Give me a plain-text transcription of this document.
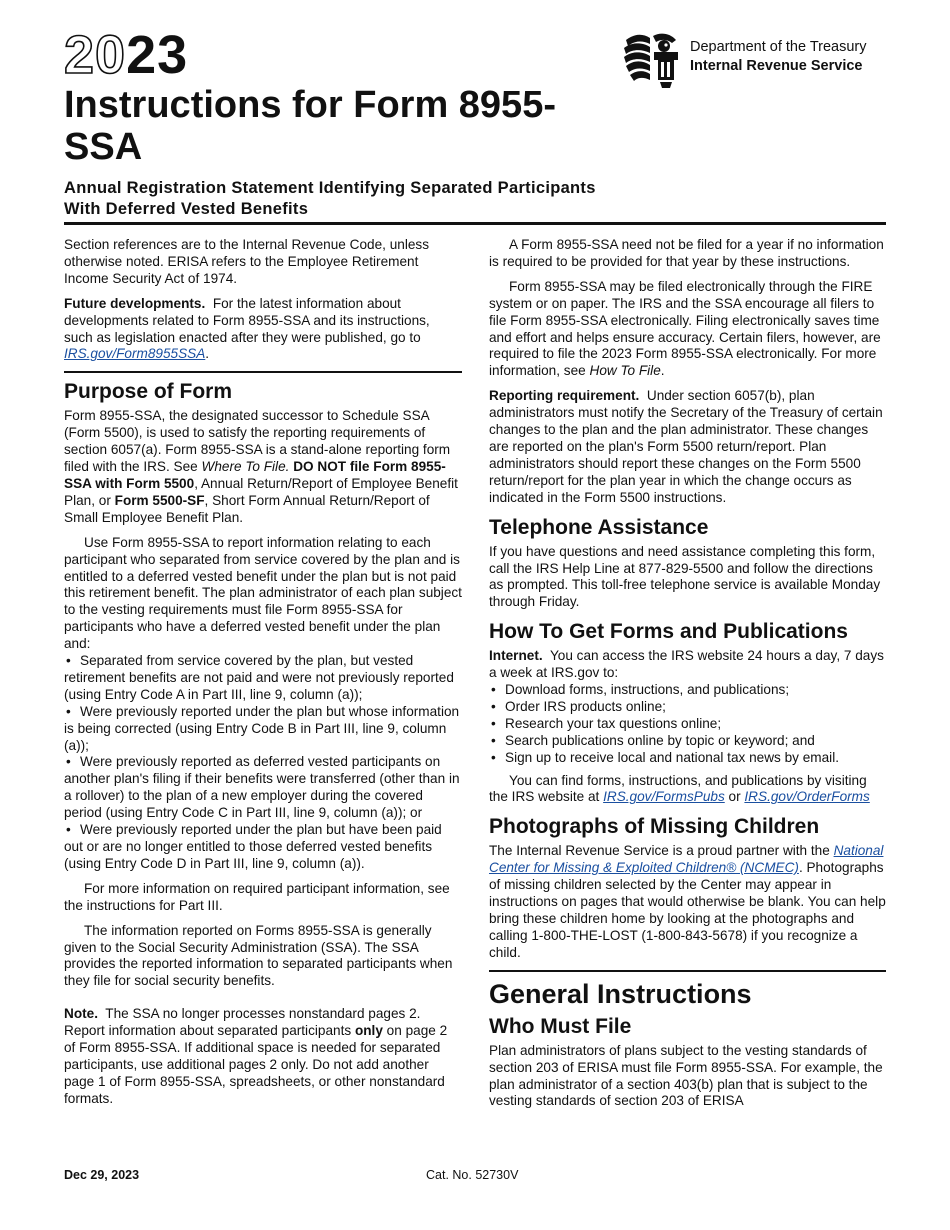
2023
Instructions for Form 8955-SSA
Annual Registration Statement Identifying Separated Participants With Deferred Vested Benefits
Department of the Treasury
Internal Revenue Service

Section references are to the Internal Revenue Code, unless otherwise noted. ERISA refers to the Employee Retirement Income Security Act of 1974.

Future developments. For the latest information about developments related to Form 8955-SSA and its instructions, such as legislation enacted after they were published, go to IRS.gov/Form8955SSA.

Purpose of Form

Form 8955-SSA, the designated successor to Schedule SSA (Form 5500), is used to satisfy the reporting requirements of section 6057(a). Form 8955-SSA is a stand-alone reporting form filed with the IRS. See Where To File. DO NOT file Form 8955-SSA with Form 5500, Annual Return/Report of Employee Benefit Plan, or Form 5500-SF, Short Form Annual Return/Report of Small Employee Benefit Plan.

Use Form 8955-SSA to report information relating to each participant who separated from service covered by the plan and is entitled to a deferred vested benefit under the plan but is not paid this retirement benefit. The plan administrator of each plan subject to the vesting requirements must file Form 8955-SSA for participants who have a deferred vested benefit under the plan and:

• Separated from service covered by the plan, but vested retirement benefits are not paid and were not previously reported (using Entry Code A in Part III, line 9, column (a));

• Were previously reported under the plan but whose information is being corrected (using Entry Code B in Part III, line 9, column (a));

• Were previously reported as deferred vested participants on another plan's filing if their benefits were transferred (other than in a rollover) to the plan of a new employer during the covered period (using Entry Code C in Part III, line 9, column (a)); or

• Were previously reported under the plan but have been paid out or are no longer entitled to those deferred vested benefits (using Entry Code D in Part III, line 9, column (a)).

For more information on required participant information, see the instructions for Part III.

The information reported on Forms 8955-SSA is generally given to the Social Security Administration (SSA). The SSA provides the reported information to separated participants when they file for social security benefits.

Note. The SSA no longer processes nonstandard pages 2. Report information about separated participants only on page 2 of Form 8955-SSA. If additional space is needed for separated participants, use additional pages 2 only. Do not add another page 1 of Form 8955-SSA, spreadsheets, or other nonstandard formats.

A Form 8955-SSA need not be filed for a year if no information is required to be provided for that year by these instructions.

Form 8955-SSA may be filed electronically through the FIRE system or on paper. The IRS and the SSA encourage all filers to file Form 8955-SSA electronically. Filing electronically saves time and effort and helps ensure accuracy. Certain filers, however, are required to file the 2023 Form 8955-SSA electronically. For more information, see How To File.

Reporting requirement. Under section 6057(b), plan administrators must notify the Secretary of the Treasury of certain changes to the plan and the plan administrator. These changes are reported on the plan's Form 5500 return/report. Plan administrators should report these changes on the Form 5500 return/report for the plan year in which the change occurs as indicated in the Form 5500 instructions.

Telephone Assistance

If you have questions and need assistance completing this form, call the IRS Help Line at 877-829-5500 and follow the directions as prompted. This toll-free telephone service is available Monday through Friday.

How To Get Forms and Publications

Internet. You can access the IRS website 24 hours a day, 7 days a week at IRS.gov to:

• Download forms, instructions, and publications;
• Order IRS products online;
• Research your tax questions online;
• Search publications online by topic or keyword; and
• Sign up to receive local and national tax news by email.

You can find forms, instructions, and publications by visiting the IRS website at IRS.gov/FormsPubs or IRS.gov/OrderForms

Photographs of Missing Children

The Internal Revenue Service is a proud partner with the National Center for Missing & Exploited Children® (NCMEC). Photographs of missing children selected by the Center may appear in instructions on pages that would otherwise be blank. You can help bring these children home by looking at the photographs and calling 1-800-THE-LOST (1-800-843-5678) if you recognize a child.

General Instructions
Who Must File

Plan administrators of plans subject to the vesting standards of section 203 of ERISA must file Form 8955-SSA. For example, the plan administrator of a section 403(b) plan that is subject to the vesting standards of section 203 of ERISA

Dec 29, 2023	Cat. No. 52730V
